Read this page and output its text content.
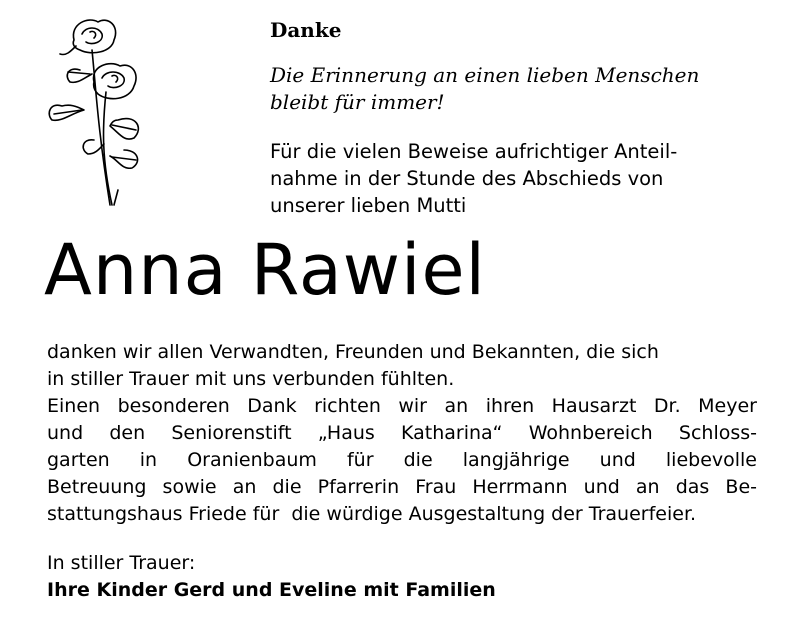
Danke
Die Erinnerung an einen lieben Menschen
bleibt für immer!
Für die vielen Beweise aufrichtiger Anteil-
nahme in der Stunde des Abschieds von
unserer lieben Mutti
Anna Rawiel
danken wir allen Verwandten, Freunden und Bekannten, die sich
in stiller Trauer mit uns verbunden fühlten.
Einen besonderen Dank richten wir an ihren Hausarzt Dr. Meyer
und den Seniorenstift „Haus Katharina“ Wohnbereich Schloss-
garten in Oranienbaum für die langjährige und liebevolle
Betreuung sowie an die Pfarrerin Frau Herrmann und an das Be-
stattungshaus Friede für  die würdige Ausgestaltung der Trauerfeier.
In stiller Trauer:
Ihre Kinder Gerd und Eveline mit Familien
